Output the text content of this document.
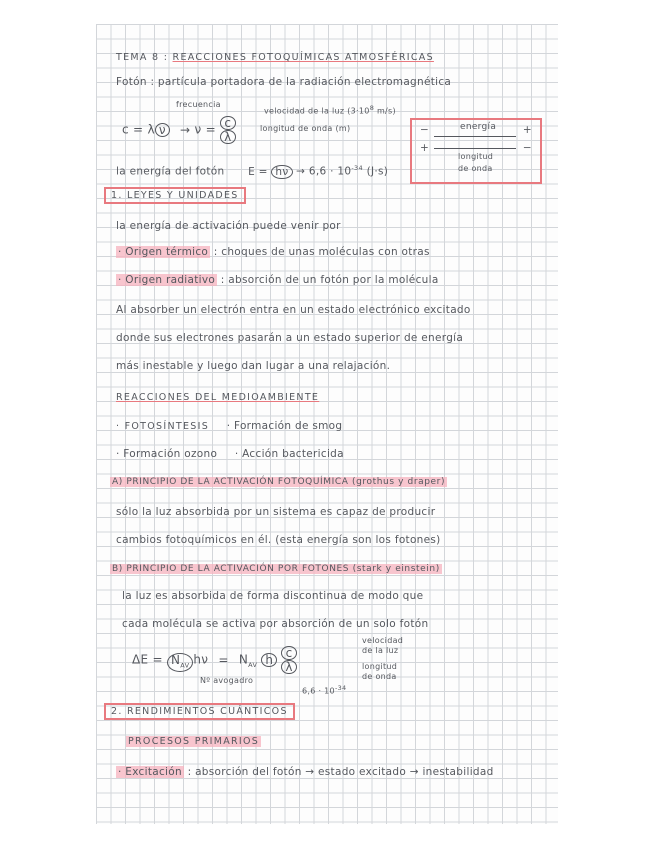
TEMA 8 : REACCIONES FOTOQUÍMICAS ATMOSFÉRICAS
Fotón : partícula portadora de la radiación electromagnética
c = λ $\nu \to \nu = \frac{c}{\lambda}$
frecuencia
velocidad de la luz ($3\cdot 10^8$ m/s)
longitud de onda (m)	−	energía	+
+	−
longitud
de onda
la energía del fotón $E = h\nu \to 6,6 \cdot 10^{-34}$ (J·s)
1. LEYES Y UNIDADES
la energía de activación puede venir por
· Origen térmico : choques de unas moléculas con otras
· Origen radiativo : absorción de un fotón por la molécula
Al absorber un electrón entra en un estado electrónico excitado
donde sus electrones pasarán a un estado superior de energía
más inestable y luego dan lugar a una relajación.
REACCIONES DEL MEDIOAMBIENTE
· FOTOSÍNTESIS · Formación de smog
· Formación ozono · Acción bactericida
A) PRINCIPIO DE LA ACTIVACIÓN FOTOQUÍMICA (grothus y draper)
sólo la luz absorbida por un sistema es capaz de producir
cambios fotoquímicos en él. (esta energía son los fotones)
B) PRINCIPIO DE LA ACTIVACIÓN POR FOTONES (stark y einstein)
la luz es absorbida de forma discontinua de modo que
cada molécula se activa por absorción de un solo fotón
$\Delta E = N_{AV}$ $h\nu = N_{AV}$ h $\frac{c}{\lambda}$
velocidad
de la luz
longitud
de onda
Nº avogadro
$6,6 \cdot 10^{-34}$
2. RENDIMIENTOS CUÁNTICOS
PROCESOS PRIMARIOS
· Excitación : absorción del fotón → estado excitado → inestabilidad
